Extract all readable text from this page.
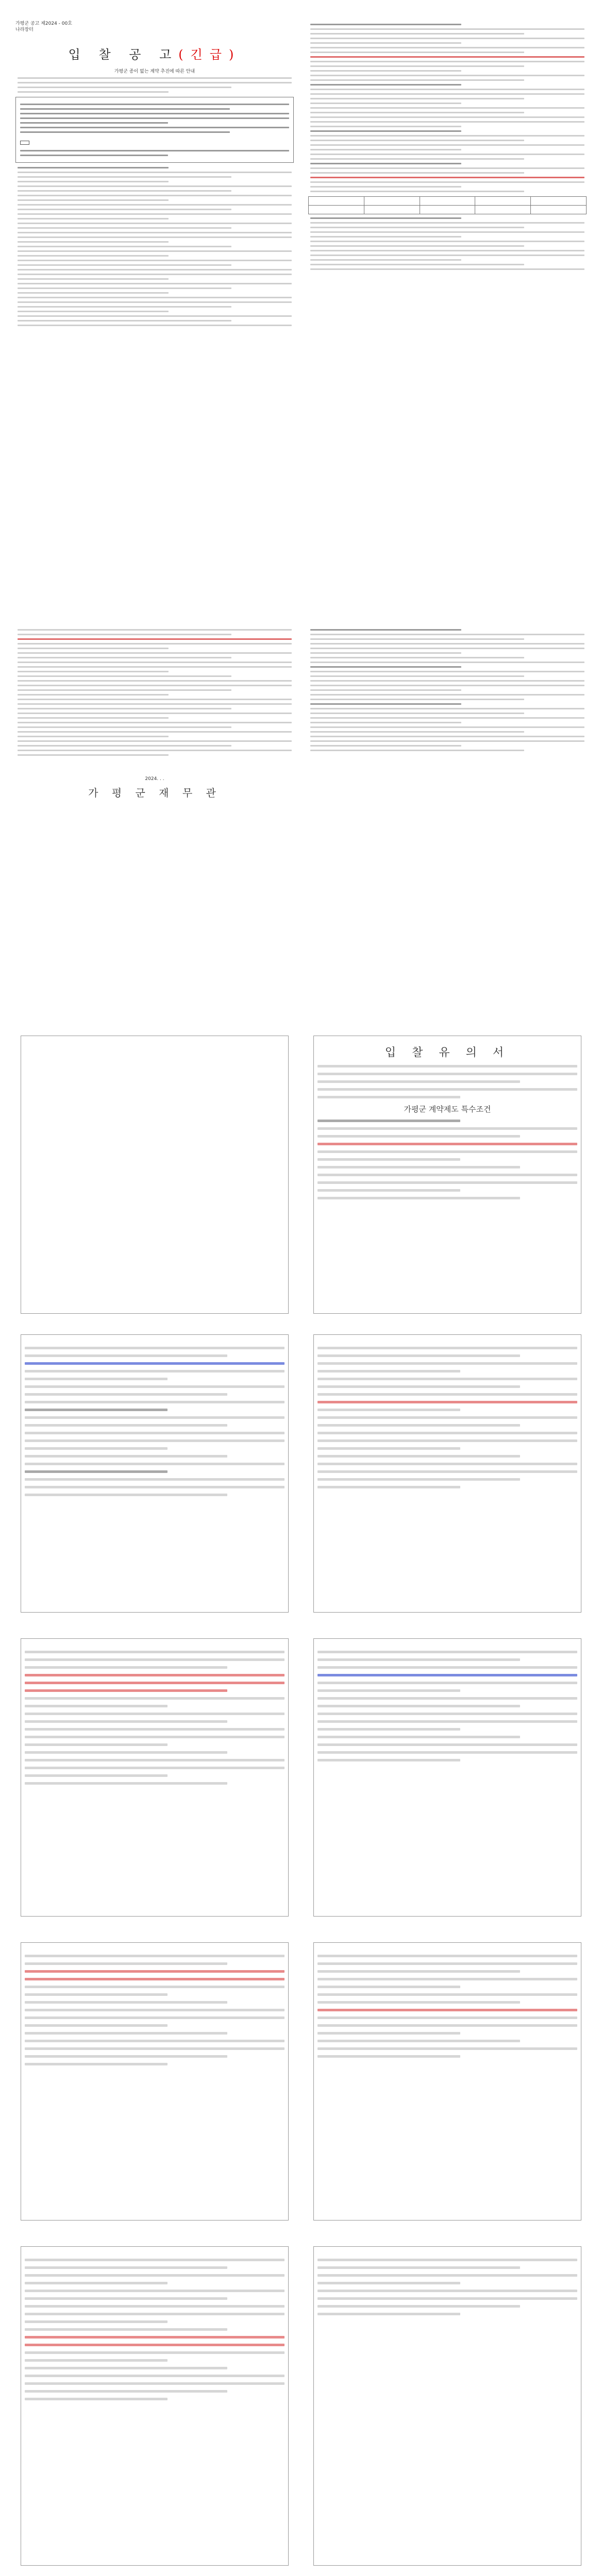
가평군 공고 제2024 - 00호

나라장터

입 찰 공 고(긴급)
가평군 종이 없는 계약 추진에 따른 안내

2024. . .
가 평 군 재 무 관
입 찰 유 의 서
가평군 계약제도 특수조건
